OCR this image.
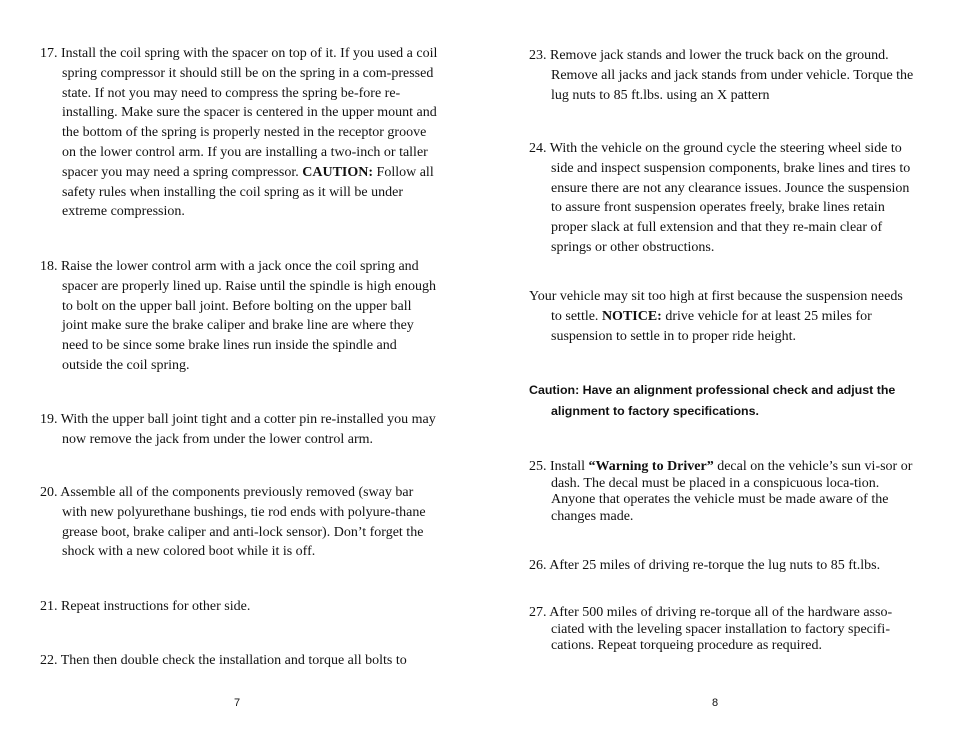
17. Install the coil spring with the spacer on top of it. If you used a coil spring compressor it should still be on the spring in a com-pressed state. If not you may need to compress the spring be-fore re-installing. Make sure the spacer is centered in the upper mount and the bottom of the spring is properly nested in the receptor groove on the lower control arm. If you are installing a two-inch or taller spacer you may need a spring compressor. CAUTION: Follow all safety rules when installing the coil spring as it will be under extreme compression.
18. Raise the lower control arm with a jack once the coil spring and spacer are properly lined up. Raise until the spindle is high enough to bolt on the upper ball joint. Before bolting on the upper ball joint make sure the brake caliper and brake line are where they need to be since some brake lines run inside the spindle and outside the coil spring.
19. With the upper ball joint tight and a cotter pin re-installed you may now remove the jack from under the lower control arm.
20. Assemble all of the components previously removed (sway bar with new polyurethane bushings, tie rod ends with polyure-thane grease boot, brake caliper and anti-lock sensor). Don’t forget the shock with a new colored boot while it is off.
21. Repeat instructions for other side.
22. Then then double check the installation and torque all bolts to
7
23. Remove jack stands and lower the truck back on the ground. Remove all jacks and jack stands from under vehicle. Torque the lug nuts to 85 ft.lbs. using an X pattern
24. With the vehicle on the ground cycle the steering wheel side to side and inspect suspension components, brake lines and tires to ensure there are not any clearance issues. Jounce the suspension to assure front suspension operates freely, brake lines retain proper slack at full extension and that they re-main clear of springs or other obstructions.
Your vehicle may sit too high at first because the suspension needs to settle. NOTICE: drive vehicle for at least 25 miles for suspension to settle in to proper ride height.
Caution: Have an alignment professional check and adjust the alignment to factory specifications.
25. Install “Warning to Driver” decal on the vehicle’s sun vi-sor or dash. The decal must be placed in a conspicuous loca-tion. Anyone that operates the vehicle must be made aware of the changes made.
26. After 25 miles of driving re-torque the lug nuts to 85 ft.lbs.
27. After 500 miles of driving re-torque all of the hardware asso-ciated with the leveling spacer installation to factory specifi-cations. Repeat torqueing procedure as required.
8
